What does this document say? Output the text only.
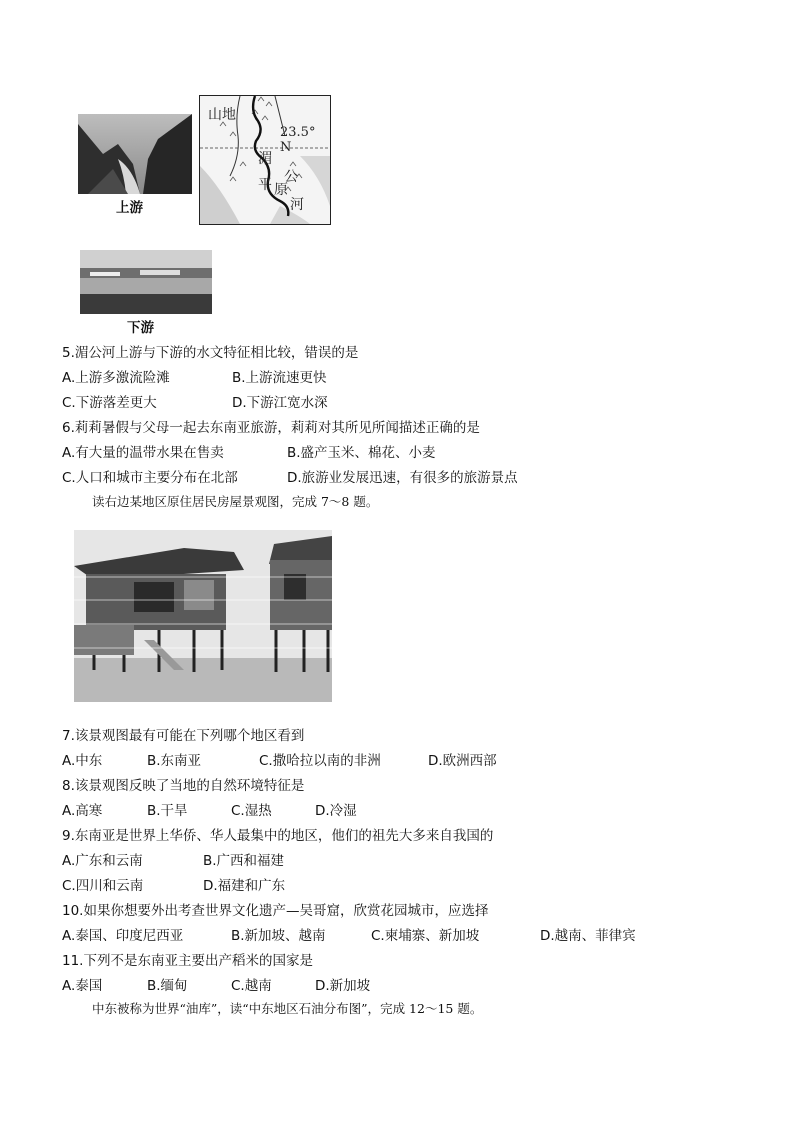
上游
山地
23.5° N
湄
平 原
公
河
下游
5.湄公河上游与下游的水文特征相比较，错误的是
A.上游多激流险滩	B.上游流速更快
C.下游落差更大	D.下游江宽水深
6.莉莉暑假与父母一起去东南亚旅游，莉莉对其所见所闻描述正确的是
A.有大量的温带水果在售卖	B.盛产玉米、棉花、小麦
C.人口和城市主要分布在北部	D.旅游业发展迅速，有很多的旅游景点
读右边某地区原住居民房屋景观图，完成 7～8 题。
7.该景观图最有可能在下列哪个地区看到
A.中东	B.东南亚	C.撒哈拉以南的非洲	D.欧洲西部
8.该景观图反映了当地的自然环境特征是
A.高寒	B.干旱	C.湿热	D.冷湿
9.东南亚是世界上华侨、华人最集中的地区，他们的祖先大多来自我国的
A.广东和云南	B.广西和福建
C.四川和云南	D.福建和广东
10.如果你想要外出考查世界文化遗产—吴哥窟，欣赏花园城市，应选择
A.泰国、印度尼西亚	B.新加坡、越南	C.柬埔寨、新加坡	D.越南、菲律宾
11.下列不是东南亚主要出产稻米的国家是
A.泰国	B.缅甸	C.越南	D.新加坡
中东被称为世界“油库”，读“中东地区石油分布图”，完成 12～15 题。
